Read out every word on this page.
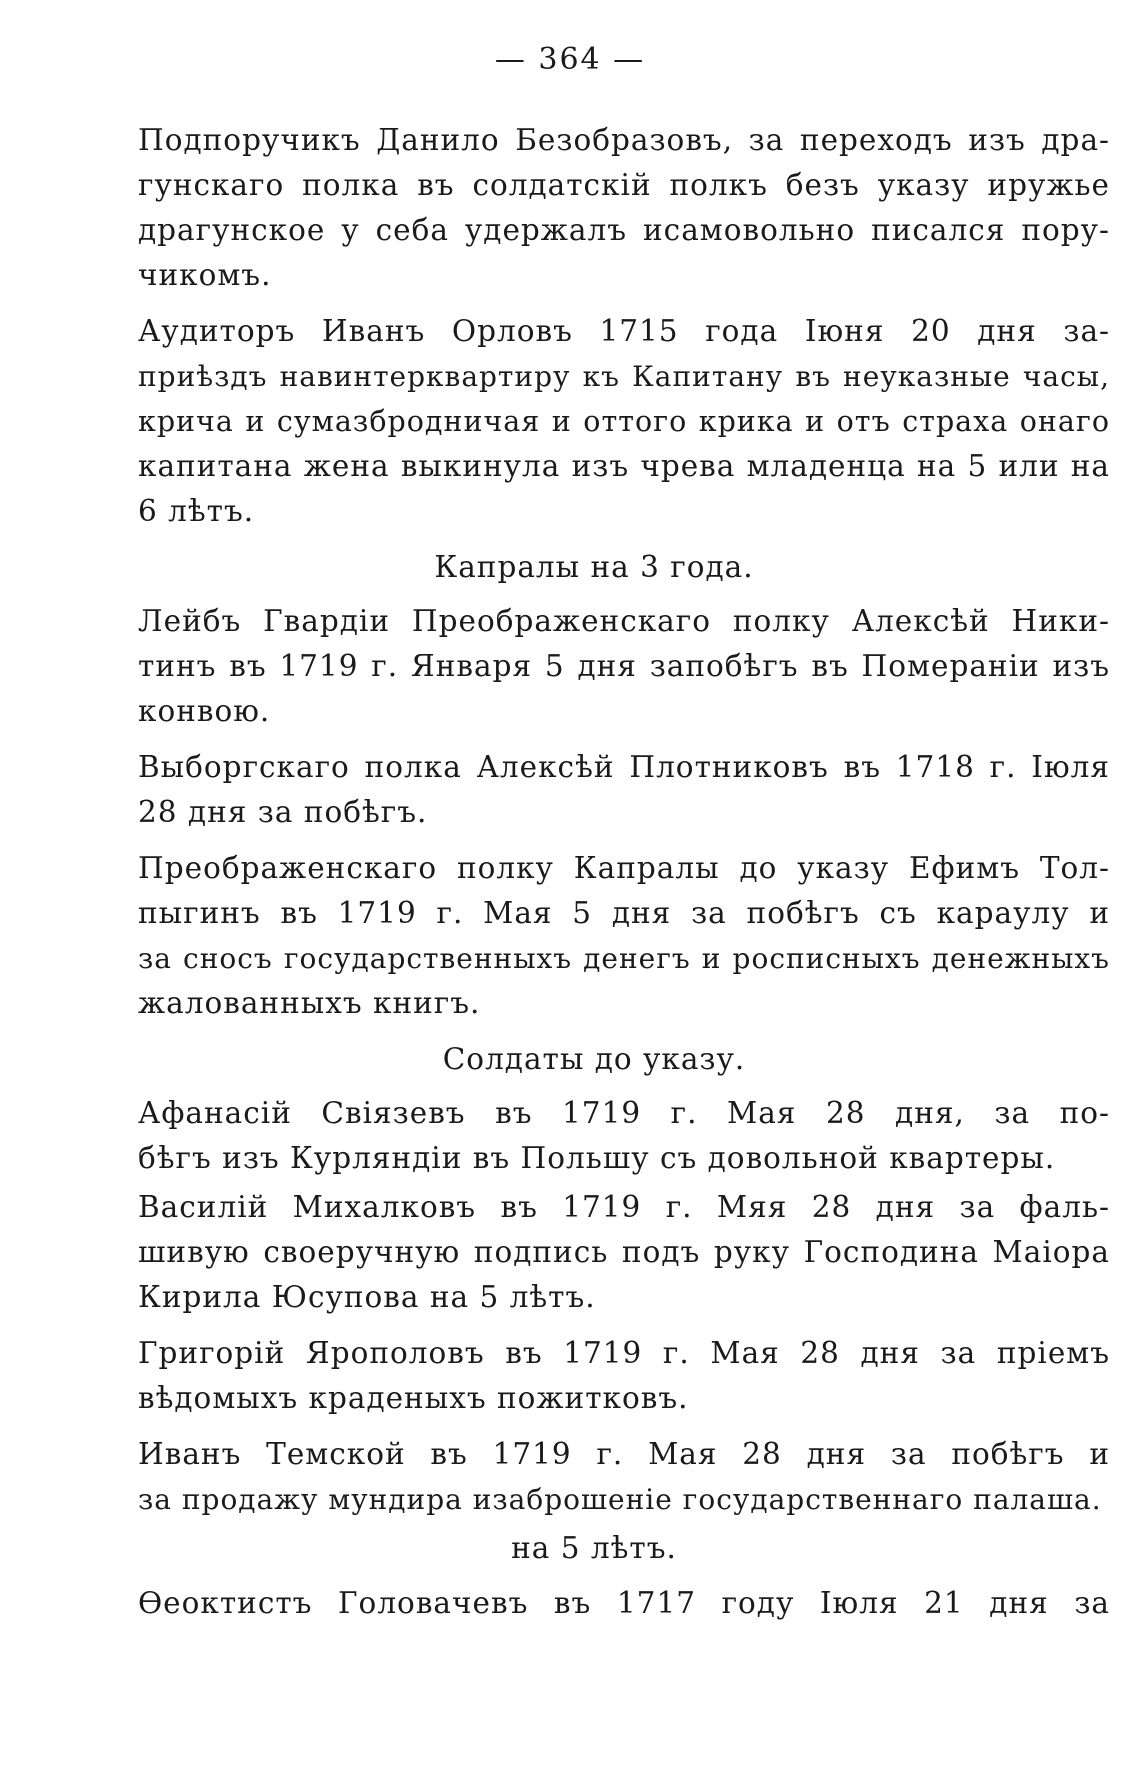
— 364 —

Подпоручикъ Данило Безобразовъ, за переходъ изъ дра-
гунскаго полка въ солдатскій полкъ безъ указу иружье
драгунское у себа удержалъ исамовольно писался пору-
чикомъ.

Аудиторъ Иванъ Орловъ 1715 года Іюня 20 дня за-
приѣздъ навинтерквартиру къ Капитану въ неуказные часы,
крича и сумазбродничая и оттого крика и отъ страха онаго
капитана жена выкинула изъ чрева младенца на 5 или на
6 лѣтъ.

Капралы на 3 года.

Лейбъ Гвардіи Преображенскаго полку Алексѣй Ники-
тинъ въ 1719 г. Января 5 дня запобѣгъ въ Помераніи изъ
конвою.

Выборгскаго полка Алексѣй Плотниковъ въ 1718 г. Іюля
28 дня за побѣгъ.

Преображенскаго полку Капралы до указу Ефимъ Тол-
пыгинъ въ 1719 г. Мая 5 дня за побѣгъ съ караулу и
за сносъ государственныхъ денегъ и росписныхъ денежныхъ
жалованныхъ книгъ.

Солдаты до указу.

Афанасій Свіязевъ въ 1719 г. Мая 28 дня, за по-
бѣгъ изъ Курляндіи въ Польшу съ довольной квартеры.

Василій Михалковъ въ 1719 г. Мяя 28 дня за фаль-
шивую своеручную подпись подъ руку Господина Маіора
Кирила Юсупова на 5 лѣтъ.

Григорій Ярополовъ въ 1719 г. Мая 28 дня за пріемъ
вѣдомыхъ краденыхъ пожитковъ.

Иванъ Темской въ 1719 г. Мая 28 дня за побѣгъ и
за продажу мундира изаброшеніе государственнаго палаша.

на 5 лѣтъ.

Ѳеоктистъ Головачевъ въ 1717 году Іюля 21 дня за
